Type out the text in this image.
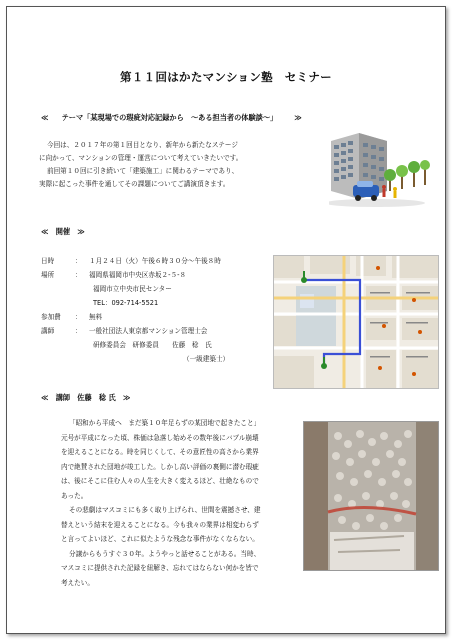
第１１回はかたマンション塾　セミナー
≪ テーマ「某現場での瑕疵対応記録から　～ある担当者の体験談～」 ≫
今回は、２０１７年の第１回目となり、新年から新たなステージ
に向かって、マンションの管理・運営について考えていきたいです。
前回第１０回に引き続いて「建築施工」に関わるテーマであり、
実際に起こった事件を通してその課題についてご講演頂きます。
≪　開催　≫
日時	： １月２４日（火）午後６時３０分～午後８時
場所	： 福岡県福岡市中央区赤坂２-５-８
福岡市立中央市民センター
TEL：092-714-5521
参加費 ： 無料
講師	： 一般社団法人東京都マンション管理士会
研修委員会　研修委員　　佐藤　稔　氏
（一級建築士）
≪　講師　佐藤　稔 氏　≫
「昭和から平成へ　まだ築１０年足らずの某団地で起きたこと」
元号が平成になった頃、株価は急落し始めその数年後にバブル崩壊
を迎えることになる。時を同じくして、その意匠性の高さから業界
内で絶賛された団地が竣工した。しかし高い評価の裏側に潜む瑕疵
は、後にそこに住む人々の人生を大きく変えるほど、壮絶なもので
あった。
その悲劇はマスコミにも多く取り上げられ、世間を震撼させ、建
替えという結末を迎えることになる。今も我々の業界は相変わらず
と言ってよいほど、これに似たような残念な事件がなくならない。
分譲からもうすぐ３０年。ようやっと話せることがある。当時、
マスコミに提供された記録を紐解き、忘れてはならない何かを皆で
考えたい。
